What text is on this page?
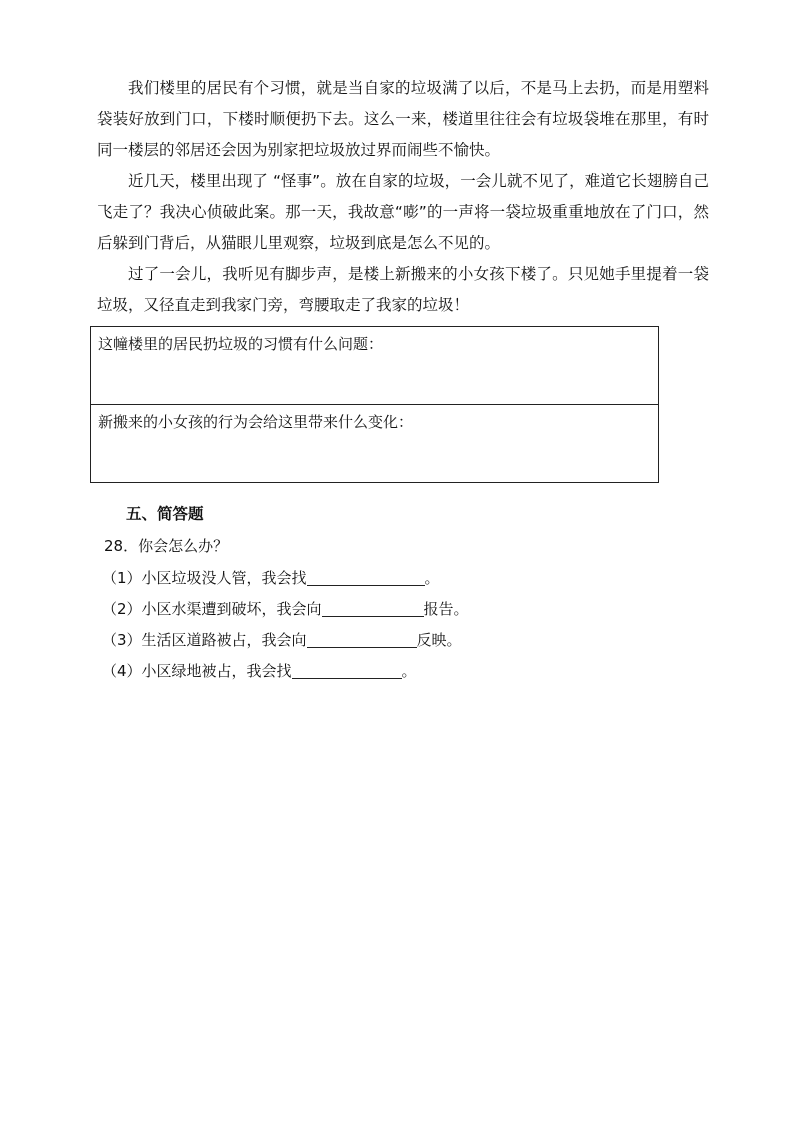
我们楼里的居民有个习惯，就是当自家的垃圾满了以后，不是马上去扔，而是用塑料袋装好放到门口，下楼时顺便扔下去。这么一来，楼道里往往会有垃圾袋堆在那里，有时同一楼层的邻居还会因为别家把垃圾放过界而闹些不愉快。

近几天，楼里出现了 “怪事”。放在自家的垃圾，一会儿就不见了，难道它长翅膀自己飞走了？我决心侦破此案。那一天，我故意“嘭”的一声将一袋垃圾重重地放在了门口，然后躲到门背后，从猫眼儿里观察，垃圾到底是怎么不见的。

过了一会儿，我听见有脚步声，是楼上新搬来的小女孩下楼了。只见她手里提着一袋垃圾，又径直走到我家门旁，弯腰取走了我家的垃圾！

这幢楼里的居民扔垃圾的习惯有什么问题：
新搬来的小女孩的行为会给这里带来什么变化：
五、简答题
28．你会怎么办？
（1）小区垃圾没人管，我会找	。
（2）小区水渠遭到破坏，我会向	报告。
（3）生活区道路被占，我会向	反映。
（4）小区绿地被占，我会找	。
